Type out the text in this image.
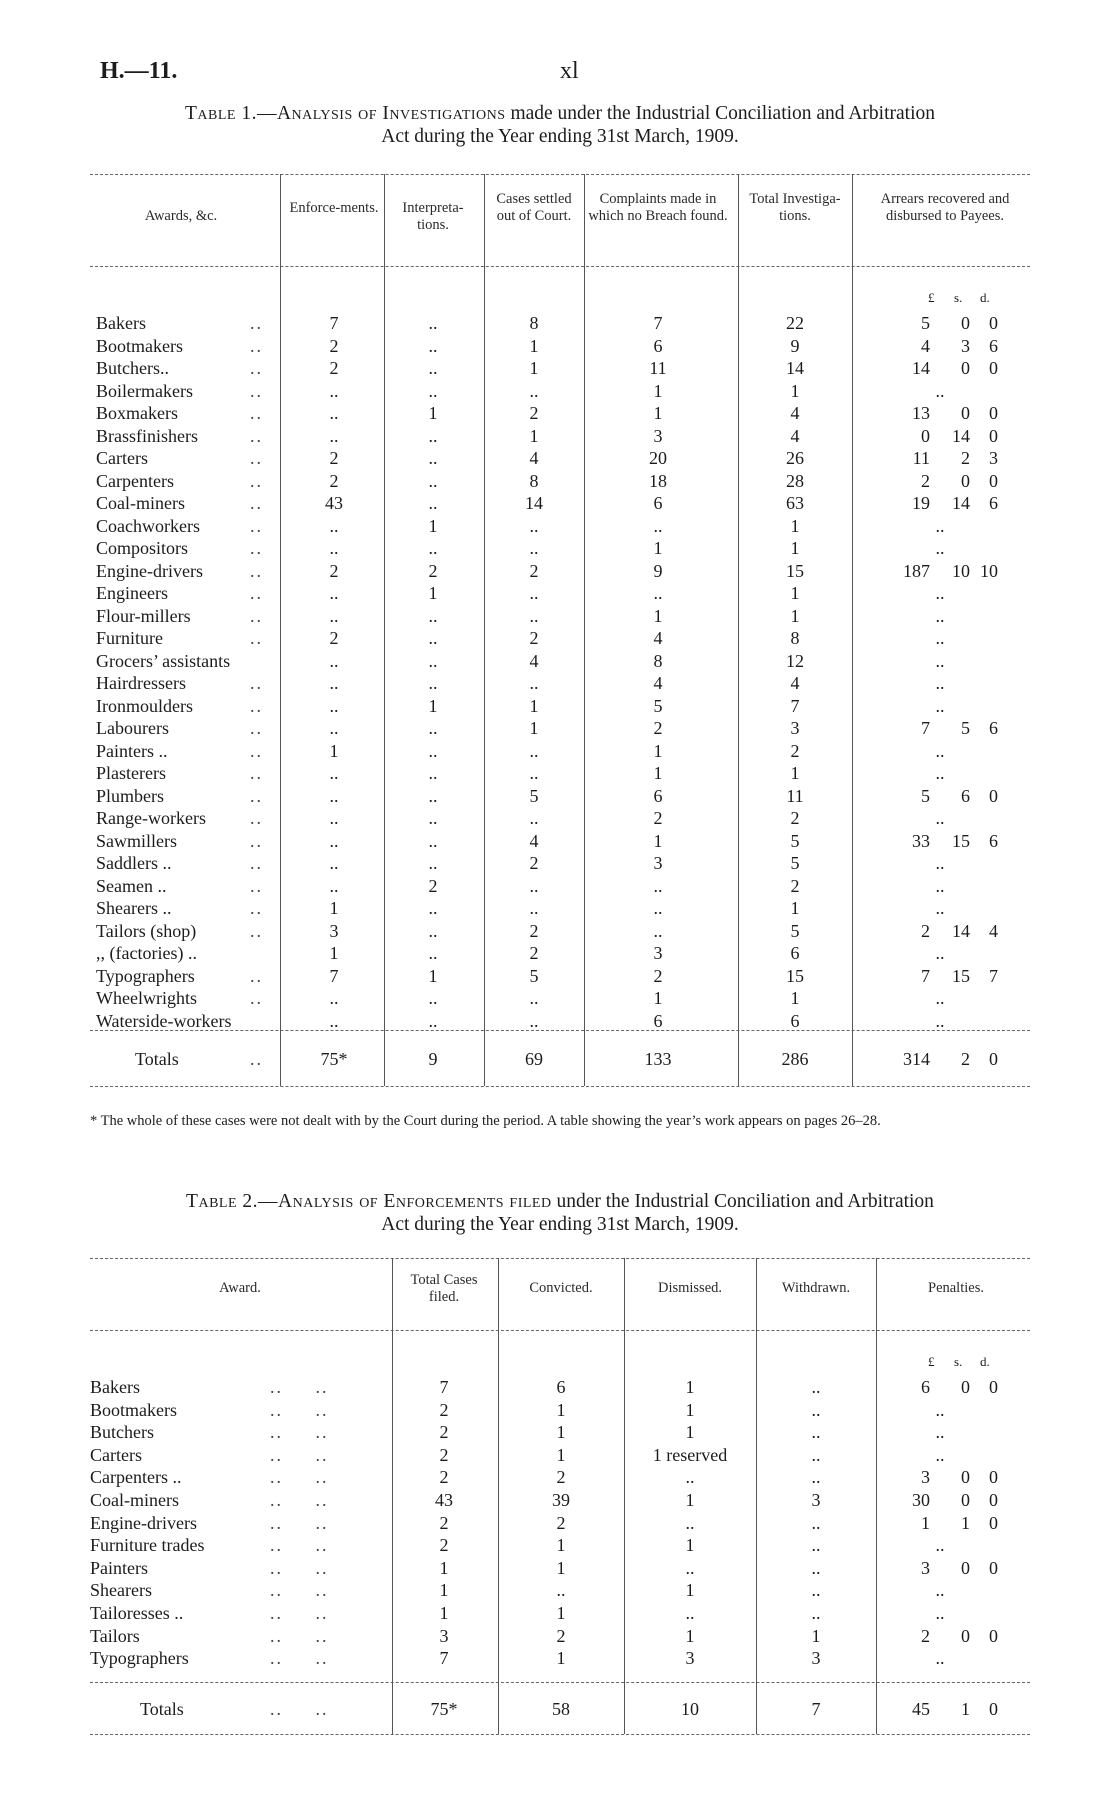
H.—11.	xl
Table 1.—Analysis of Investigations made under the Industrial Conciliation and Arbitration
Act during the Year ending 31st March, 1909.
Awards, &c.	Enforce-ments.	Interpreta-tions.
Cases settled out of Court.
Complaints made in which no Breach found.
Total Investiga-tions.
Arrears recovered and disbursed to Payees.
£ s. d.
Bakers	..	7	..	8	7	22	5	0	0
Bootmakers	..	2	..	1	6	9	4	3	6
Butchers..	..	2	..	1	11	14	14	0	0
Boilermakers	..	..	..	..	1	1	..
Boxmakers	..	..	1	2	1	4	13	0	0
Brassfinishers	..	..	..	1	3	4	0	14	0
Carters	..	2	..	4	20	26	11	2	3
Carpenters	..	2	..	8	18	28	2	0	0
Coal-miners	..	43	..	14	6	63	19	14	6
Coachworkers	..	..	1	..	..	1	..
Compositors	..	..	..	..	1	1	..
Engine-drivers	..	2	2	2	9	15	187	10 10
Engineers	..	..	1	..	..	1	..
Flour-millers	..	..	..	..	1	1	..
Furniture	..	2	..	2	4	8	..
Grocers’ assistants	..	..	4	8	12	..
Hairdressers	..	..	..	..	4	4	..
Ironmoulders	..	..	1	1	5	7	..
Labourers	..	..	..	1	2	3	7	5	6
Painters ..	..	1	..	..	1	2	..
Plasterers	..	..	..	..	1	1	..
Plumbers	..	..	..	5	6	11	5	6	0
Range-workers ..	..	..	..	2	2	..
Sawmillers	..	..	..	4	1	5	33	15	6
Saddlers ..	..	..	..	2	3	5	..
Seamen ..	..	..	2	..	..	2	..
Shearers ..	..	1	..	..	..	1	..
Tailors (shop)	..	3	..	2	..	5	2	14	4
,, (factories) ..	1	..	2	3	6	..
Typographers	..	7	1	5	2	15	7	15	7
Wheelwrights	..	..	..	..	1	1	..
Waterside-workers	..	..	..	6	6	..
Totals	..	75*	9	69	133	286	314	2	0
* The whole of these cases were not dealt with by the Court during the period. A table showing the year’s work appears on pages 26–28.
Table 2.—Analysis of Enforcements filed under the Industrial Conciliation and Arbitration
Act during the Year ending 31st March, 1909.
Award.	Total Cases filed.
Convicted.	Dismissed.	Withdrawn.	Penalties.
£ s. d.
Bakers	..     ..	7	6	1	..	6	0	0
Bootmakers	..     ..	2	1	1	..	..
Butchers	..     ..	2	1	1	..	..
Carters	..     ..	2	1	1 reserved	..	..
Carpenters ..	..     ..	2	2	..	..	3	0	0
Coal-miners	..     ..	43	39	1	3	30	0	0
Engine-drivers	..     ..	2	2	..	..	1	1	0
Furniture trades	..     ..	2	1	1	..	..
Painters	..     ..	1	1	..	..	3	0	0
Shearers	..     ..	1	..	1	..	..
Tailoresses ..	..     ..	1	1	..	..	..
Tailors	..     ..	3	2	1	1	2	0	0
Typographers	..     ..	7	1	3	3	..
Totals	..     ..	75*	58	10	7	45	1	0
